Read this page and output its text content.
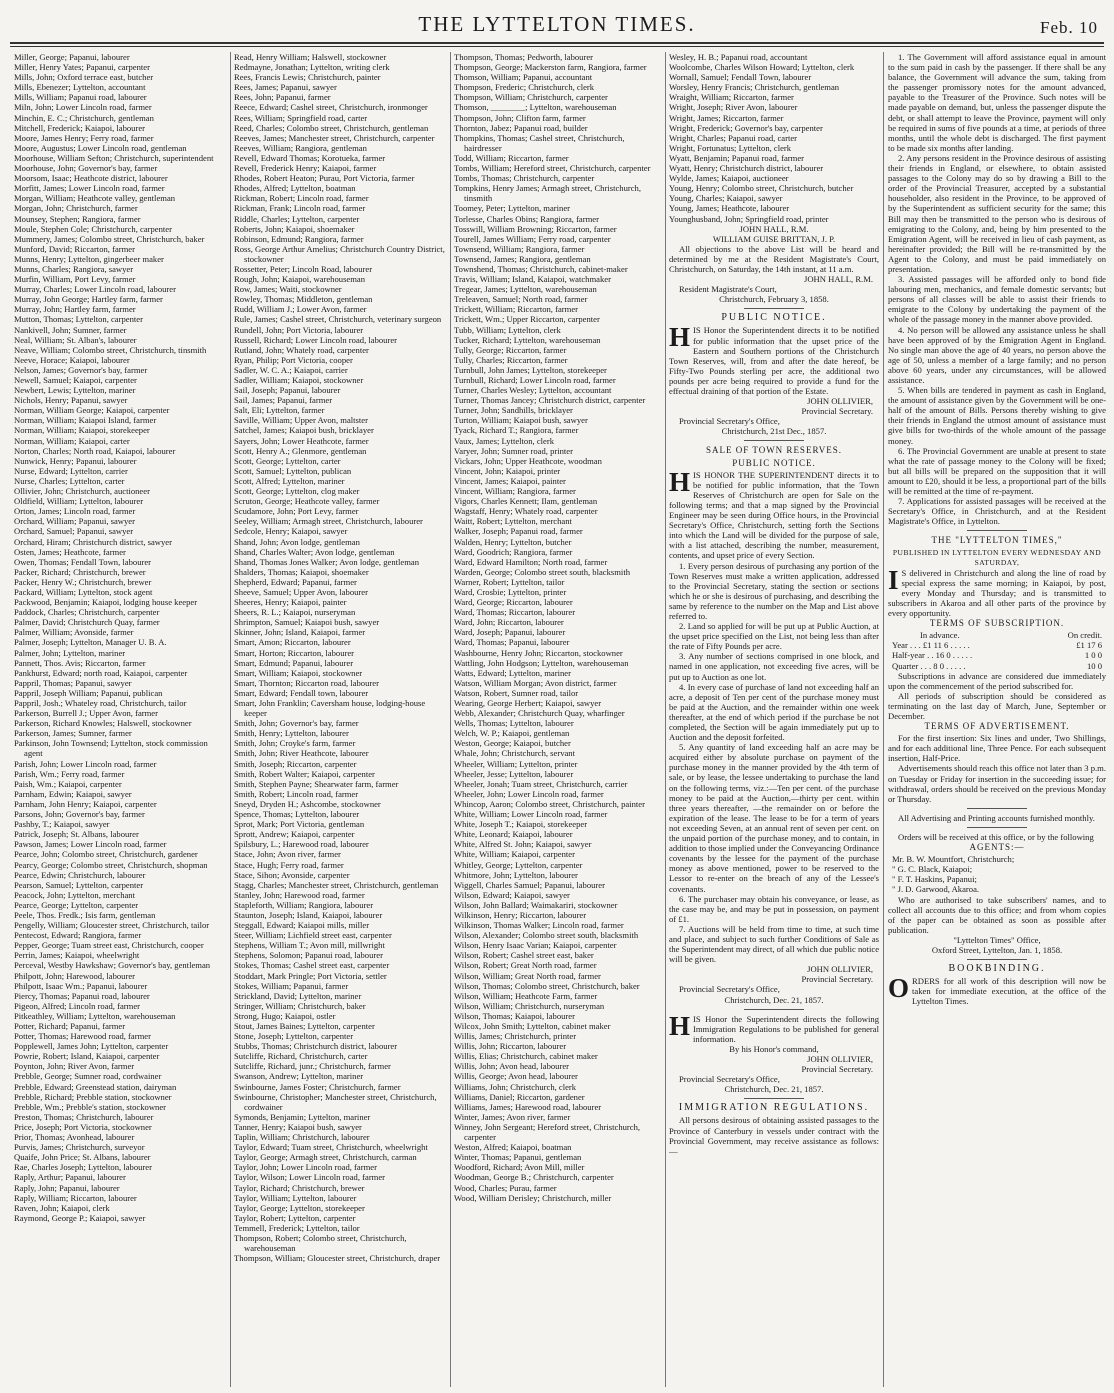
THE LYTTELTON TIMES.	Feb. 10
Miller, George; Papanui, labourer
Miller, Henry Yates; Papanui, carpenter
Mills, John; Oxford terrace east, butcher
Mills, Ebenezer; Lyttelton, accountant
Mills, William; Papanui road, labourer
Miln, John; Lower Lincoln road, farmer
Minchin, E. C.; Christchurch, gentleman
Mitchell, Frederick; Kaiapoi, labourer
Moore, James Henry; Ferry road, farmer
Moore, Augustus; Lower Lincoln road, gentleman
Moorhouse, William Sefton; Christchurch, superintendent
Moorhouse, John; Governor's bay, farmer
Moorsom, Isaac; Heathcote district, labourer
Morfitt, James; Lower Lincoln road, farmer
Morgan, William; Heathcote valley, gentleman
Morgan, John; Christchurch, farmer
Mounsey, Stephen; Rangiora, farmer
Moule, Stephen Cole; Christchurch, carpenter
Mummery, James; Colombo street, Christchurch, baker
Munford, David; Riccarton, farmer
Munns, Henry; Lyttelton, gingerbeer maker
Munns, Charles; Rangiora, sawyer
Murfin, William, Port Levy, farmer
Murray, Charles; Lower Lincoln road, labourer
Murray, John George; Hartley farm, farmer
Murray, John; Hartley farm, farmer
Mutton, Thomas; Lyttelton, carpenter
Nankivell, John; Sumner, farmer
Neal, William; St. Alban's, labourer
Neave, William; Colombo street, Christchurch, tinsmith
Neeve, Horace; Kaiapoi, labourer
Nelson, James; Governor's bay, farmer
Newell, Samuel; Kaiapoi, carpenter
Newbert, Lewis; Lyttelton, mariner
Nichols, Henry; Papanui, sawyer
Norman, William George; Kaiapoi, carpenter
Norman, William; Kaiapoi Island, farmer
Norman, William; Kaiapoi, storekeeper
Norman, William; Kaiapoi, carter
Norton, Charles; North road, Kaiapoi, labourer
Nunwick, Henry; Papanui, labourer
Nurse, Edward; Lyttelton, carrier
Nurse, Charles; Lyttelton, carter
Ollivier, John; Christchurch, auctioneer
Oldfield, William; Lyttelton, labourer
Orton, James; Lincoln road, farmer
Orchard, William; Papanui, sawyer
Orchard, Samuel; Papanui, sawyer
Orchard, Hiram; Christchurch district, sawyer
Osten, James; Heathcote, farmer
Owen, Thomas; Fendall Town, labourer
Packer, Richard; Christchurch, brewer
Packer, Henry W.; Christchurch, brewer
Packard, William; Lyttelton, stock agent
Packwood, Benjamin; Kaiapoi, lodging house keeper
Paddock, Charles; Christchurch, carpenter
Palmer, David; Christchurch Quay, farmer
Palmer, William; Avonside, farmer
Palmer, Joseph; Lyttelton, Manager U. B. A.
Palmer, John; Lyttelton, mariner
Pannett, Thos. Avis; Riccarton, farmer
Pankhurst, Edward; north road, Kaiapoi, carpenter
Pappril, Thomas; Papanui, sawyer
Pappril, Joseph William; Papanui, publican
Pappril, Josh.; Whateley road, Christchurch, tailor
Parkerson, Burrell J.; Upper Avon, farmer
Parkerson, Richard Knowles; Halswell, stockowner
Parkerson, James; Sumner, farmer
Parkinson, John Townsend; Lyttelton, stock commission agent
Parish, John; Lower Lincoln road, farmer
Parish, Wm.; Ferry road, farmer
Paish, Wm.; Kaiapoi, carpenter
Parnham, Edwin; Kaiapoi, sawyer
Parnham, John Henry; Kaiapoi, carpenter
Parsons, John; Governor's bay, farmer
Pashby, T.; Kaiapoi, sawyer
Patrick, Joseph; St. Albans, labourer
Pawson, James; Lower Lincoln road, farmer
Pearce, John; Colombo street, Christchurch, gardener
Pearcy, George; Colombo street, Christchurch, shopman
Pearce, Edwin; Christchurch, labourer
Pearson, Samuel; Lyttelton, carpenter
Peacock, John; Lyttelton, merchant
Pearce, George; Lyttelton, carpenter
Peele, Thos. Fredk.; Isis farm, gentleman
Pengelly, William; Gloucester street, Christchurch, tailor
Pentecost, Edward; Rangiora, farmer
Pepper, George; Tuam street east, Christchurch, cooper
Perrin, James; Kaiapoi, wheelwright
Perceval, Westby Hawkshaw; Governor's bay, gentleman
Philpott, John; Harewood, labourer
Philpott, Isaac Wm.; Papanui, labourer
Piercy, Thomas; Papanui road, labourer
Pigeon, Alfred; Lincoln road, farmer
Pitkeathley, William; Lyttelton, warehouseman
Potter, Richard; Papanui, farmer
Potter, Thomas; Harewood road, farmer
Popplewell, James John; Lyttelton, carpenter
Powrie, Robert; Island, Kaiapoi, carpenter
Poynton, John; River Avon, farmer
Prebble, George; Sumner road, cordwainer
Prebble, Edward; Greenstead station, dairyman
Prebble, Richard; Prebble station, stockowner
Prebble, Wm.; Prebble's station, stockowner
Preston, Thomas; Christchurch, labourer
Price, Joseph; Port Victoria, stockowner
Prior, Thomas; Avonhead, labourer
Purvis, James; Christchurch, surveyor
Quaife, John Price; St. Albans, labourer
Rae, Charles Joseph; Lyttelton, labourer
Raply, Arthur; Papanui, labourer
Raply, John; Papanui, labourer
Raply, William; Riccarton, labourer
Raven, John; Kaiapoi, clerk
Raymond, George P.; Kaiapoi, sawyer
Read, Henry William; Halswell, stockowner
Redmayne, Jonathan; Lyttelton, writing clerk
Rees, Francis Lewis; Christchurch, painter
Rees, James; Papanui, sawyer
Rees, John; Papanui, farmer
Reece, Edward; Cashel street, Christchurch, ironmonger
Rees, William; Springfield road, carter
Reed, Charles; Colombo street, Christchurch, gentleman
Reeves, James; Manchester street, Christchurch, carpenter
Reeves, William; Rangiora, gentleman
Revell, Edward Thomas; Korotueka, farmer
Revell, Frederick Henry; Kaiapoi, farmer
Rhodes, Robert Heaton; Purau, Port Victoria, farmer
Rhodes, Alfred; Lyttelton, boatman
Rickman, Robert; Lincoln road, farmer
Rickman, Frank; Lincoln road, farmer
Riddle, Charles; Lyttelton, carpenter
Roberts, John; Kaiapoi, shoemaker
Robinson, Edmund; Rangiora, farmer
Ross, George Arthur Amelius; Christchurch Country District, stockowner
Rossetter, Peter; Lincoln Road, labourer
Rough, John; Kaiapoi, warehouseman
Row, James; Waiti, stockowner
Rowley, Thomas; Middleton, gentleman
Rudd, William J.; Lower Avon, farmer
Rule, James; Cashel street, Christchurch, veterinary surgeon
Rundell, John; Port Victoria, labourer
Russell, Richard; Lower Lincoln road, labourer
Rutland, John; Whately road, carpenter
Ryan, Philip; Port Victoria, cooper
Sadler, W. C. A.; Kaiapoi, carrier
Sadler, William; Kaiapoi, stockowner
Sail, Joseph; Papanui, labourer
Sail, James; Papanui, farmer
Salt, Eli; Lyttelton, farmer
Saville, William; Upper Avon, maltster
Satchel, James; Kaiapoi bush, bricklayer
Sayers, John; Lower Heathcote, farmer
Scott, Henry A.; Glenmore, gentleman
Scott, George; Lyttelton, carter
Scott, Samuel; Lyttelton, publican
Scott, Alfred; Lyttelton, mariner
Scott, George; Lyttelton, clog maker
Scruton, George; Heathcote valley, farmer
Scudamore, John; Port Levy, farmer
Seeley, William; Armagh street, Christchurch, labourer
Sedcole, Henry; Kaiapoi, sawyer
Shand, John; Avon lodge, gentleman
Shand, Charles Walter; Avon lodge, gentleman
Shand, Thomas Jones Walker; Avon lodge, gentleman
Shalders, Thomas; Kaiapoi, shoemaker
Shepherd, Edward; Papanui, farmer
Sheeve, Samuel; Upper Avon, labourer
Sheeres, Henry; Kaiapoi, painter
Sheers, R. L.; Kaiapoi, nurseryman
Shrimpton, Samuel; Kaiapoi bush, sawyer
Skinner, John; Island, Kaiapoi, farmer
Smart, Amon; Riccarton, labourer
Smart, Horton; Riccarton, labourer
Smart, Edmund; Papanui, labourer
Smart, William; Kaiapoi, stockowner
Smart, Thornton; Riccarton road, labourer
Smart, Edward; Fendall town, labourer
Smart, John Franklin; Caversham house, lodging-house keeper
Smith, John; Governor's bay, farmer
Smith, Henry; Lyttelton, labourer
Smith, John; Croyke's farm, farmer
Smith, John; River Heathcote, labourer
Smith, Joseph; Riccarton, carpenter
Smith, Robert Walter; Kaiapoi, carpenter
Smith, Stephen Payne; Shearwater farm, farmer
Smith, Robert; Lincoln road, farmer
Sneyd, Dryden H.; Ashcombe, stockowner
Spence, Thomas; Lyttelton, labourer
Sprot, Mark; Port Victoria, gentleman
Sprott, Andrew; Kaiapoi, carpenter
Spilsbury, L.; Harewood road, labourer
Stace, John; Avon river, farmer
Stace, Hugh; Ferry road, farmer
Stace, Sihon; Avonside, carpenter
Stagg, Charles; Manchester street, Christchurch, gentleman
Stanley, John; Harewood road, farmer
Stapleforth, William; Rangiora, labourer
Staunton, Joseph; Island, Kaiapoi, labourer
Steggall, Edward; Kaiapoi mills, miller
Steer, William; Lichfield street east, carpenter
Stephens, William T.; Avon mill, millwright
Stephens, Solomon; Papanui road, labourer
Stokes, Thomas; Cashel street east, carpenter
Stoddart, Mark Pringle; Port Victoria, settler
Stokes, William; Papanui, farmer
Strickland, David; Lyttelton, mariner
Stringer, William; Christchurch, baker
Strong, Hugo; Kaiapoi, ostler
Stout, James Baines; Lyttelton, carpenter
Stone, Joseph; Lyttelton, carpenter
Stubbs, Thomas; Christchurch district, labourer
Sutcliffe, Richard, Christchurch, carter
Sutcliffe, Richard, junr.; Christchurch, farmer
Swanson, Andrew; Lyttelton, mariner
Swinbourne, James Foster; Christchurch, farmer
Swinbourne, Christopher; Manchester street, Christchurch, cordwainer
Symonds, Benjamin; Lyttelton, mariner
Tanner, Henry; Kaiapoi bush, sawyer
Taplin, William; Christchurch, labourer
Taylor, Edward; Tuam street, Christchurch, wheelwright
Taylor, George; Armagh street, Christchurch, carman
Taylor, John; Lower Lincoln road, farmer
Taylor, Wilson; Lower Lincoln road, farmer
Taylor, Richard; Christchurch, brewer
Taylor, William; Lyttelton, labourer
Taylor, George; Lyttelton, storekeeper
Taylor, Robert; Lyttelton, carpenter
Temmell, Frederick; Lyttelton, tailor
Thompson, Robert; Colombo street, Christchurch, warehouseman
Thompson, William; Gloucester street, Christchurch, draper
Thompson, Thomas; Pedworth, labourer
Thompson, George; Mackerston farm, Rangiora, farmer
Thomson, William; Papanui, accountant
Thompson, Frederic; Christchurch, clerk
Thompson, William; Christchurch, carpenter
Thomson, ________; Lyttelton, warehouseman
Thompson, John; Clifton farm, farmer
Thornton, Jabez; Papanui road, builder
Thompkins, Thomas; Cashel street, Christchurch, hairdresser
Todd, William; Riccarton, farmer
Tombs, William; Hereford street, Christchurch, carpenter
Tombs, Thomas; Christchurch, carpenter
Tompkins, Henry James; Armagh street, Christchurch, tinsmith
Toomey, Peter; Lyttelton, mariner
Torlesse, Charles Obins; Rangiora, farmer
Tosswill, William Browning; Riccarton, farmer
Tourell, James William; Ferry road, carpenter
Townsend, William; Rangiora, farmer
Townsend, James; Rangiora, gentleman
Townshend, Thomas; Christchurch, cabinet-maker
Travis, William; Island, Kaiapoi, watchmaker
Tregear, James; Lyttelton, warehouseman
Treleaven, Samuel; North road, farmer
Trickett, William; Riccarton, farmer
Trickett, Wm.; Upper Riccarton, carpenter
Tubb, William; Lyttelton, clerk
Tucker, Richard; Lyttelton, warehouseman
Tully, George; Riccarton, farmer
Tully, Charles; Riccarton, farmer
Turnbull, John James; Lyttelton, storekeeper
Turnbull, Richard; Lower Lincoln road, farmer
Turner, Charles Wesley; Lyttelton, accountant
Turner, Thomas Jancey; Christchurch district, carpenter
Turner, John; Sandhills, bricklayer
Turton, William; Kaiapoi bush, sawyer
Tyack, Richard T.; Rangiora, farmer
Vaux, James; Lyttelton, clerk
Varyer, John; Sumner road, printer
Vickars, John; Upper Heathcote, woodman
Vincent, John; Kaiapoi, printer
Vincent, James; Kaiapoi, painter
Vincent, William; Rangiora, farmer
Vigors, Charles Kennett; Ilam, gentleman
Wagstaff, Henry; Whately road, carpenter
Waitt, Robert; Lyttelton, merchant
Walker, Joseph; Papanui road, farmer
Walden, Henry; Lyttelton, butcher
Ward, Goodrich; Rangiora, farmer
Ward, Edward Hamilton; North road, farmer
Warden, George; Colombo street south, blacksmith
Warner, Robert; Lyttelton, tailor
Ward, Crosbie; Lyttelton, printer
Ward, George; Riccarton, labourer
Ward, Thomas; Riccarton, labourer
Ward, John; Riccarton, labourer
Ward, Joseph; Papanui, labourer
Ward, Thomas; Papanui, labourer
Washbourne, Henry John; Riccarton, stockowner
Wattling, John Hodgson; Lyttelton, warehouseman
Watts, Edward; Lyttelton, mariner
Watson, William Morgan; Avon district, farmer
Watson, Robert, Sumner road, tailor
Wearing, George Herbert; Kaiapoi, sawyer
Webb, Alexander; Christchurch Quay, wharfinger
Wells, Thomas; Lyttelton, labourer
Welch, W. P.; Kaiapoi, gentleman
Weston, George; Kaiapoi, butcher
Whale, John; Christchurch, servant
Wheeler, William; Lyttelton, printer
Wheeler, Jesse; Lyttelton, labourer
Wheeler, Jonah; Tuam street, Christchurch, carrier
Wheeler, John; Lower Lincoln road, farmer
Whincop, Aaron; Colombo street, Christchurch, painter
White, William; Lower Lincoln road, farmer
White, Joseph T.; Kaiapoi, storekeeper
White, Leonard; Kaiapoi, labourer
White, Alfred St. John; Kaiapoi, sawyer
White, William; Kaiapoi, carpenter
Whitley, George; Lyttelton, carpenter
Whitmore, John; Lyttelton, labourer
Wiggell, Charles Samuel; Papanui, labourer
Wilson, Edward; Kaiapoi, sawyer
Wilson, John Ballard; Waimakariri, stockowner
Wilkinson, Henry; Riccarton, labourer
Wilkinson, Thomas Walker; Lincoln road, farmer
Wilson, Alexander; Colombo street south, blacksmith
Wilson, Henry Isaac Varian; Kaiapoi, carpenter
Wilson, Robert; Cashel street east, baker
Wilson, Robert; Great North road, farmer
Wilson, William; Great North road, farmer
Wilson, Thomas; Colombo street, Christchurch, baker
Wilson, William; Heathcote Farm, farmer
Wilson, William; Christchurch, nurseryman
Wilson, Thomas; Kaiapoi, labourer
Wilcox, John Smith; Lyttelton, cabinet maker
Willis, James; Christchurch, printer
Willis, John; Riccarton, labourer
Willis, Elias; Christchurch, cabinet maker
Willis, John; Avon head, labourer
Willis, George; Avon head, labourer
Williams, John; Christchurch, clerk
Williams, Daniel; Riccarton, gardener
Williams, James; Harewood road, labourer
Winter, James; Avon river, farmer
Winney, John Sergeant; Hereford street, Christchurch, carpenter
Weston, Alfred; Kaiapoi, boatman
Winter, Thomas; Papanui, gentleman
Woodford, Richard; Avon Mill, miller
Woodman, George B.; Christchurch, carpenter
Wood, Charles; Purau, farmer
Wood, William Derisley; Christchurch, miller
Wesley, H. B.; Papanui road, accountant
Woolcombe, Charles Wilson Howard; Lyttelton, clerk
Wornall, Samuel; Fendall Town, labourer
Worsley, Henry Francis; Christchurch, gentleman
Wraight, William; Riccarton, farmer
Wright, Joseph; River Avon, labourer
Wright, James; Riccarton, farmer
Wright, Frederick; Governor's bay, carpenter
Wright, Charles; Papanui road, carter
Wright, Fortunatus; Lyttelton, clerk
Wyatt, Benjamin; Papanui road, farmer
Wyatt, Henry; Christchurch district, labourer
Wylde, James; Kaiapoi, auctioneer
Young, Henry; Colombo street, Christchurch, butcher
Young, Charles; Kaiapoi, sawyer
Young, James; Heathcote, labourer
Younghusband, John; Springfield road, printer
JOHN HALL, R.M.
WILLIAM GUISE BRITTAN, J. P.
All objections to the above List will be heard and determined by me at the Resident Magistrate's Court, Christchurch, on Saturday, the 14th instant, at 11 a.m.
JOHN HALL, R.M.
Resident Magistrate's Court,
Christchurch, February 3, 1858.
PUBLIC NOTICE.
HIS Honor the Superintendent directs it to be notified for public information that the upset price of the Eastern and Southern portions of the Christchurch Town Reserves, will, from and after the date hereof, be Fifty-Two Pounds sterling per acre, the additional two pounds per acre being required to provide a fund for the effectual draining of that portion of the Estate.
JOHN OLLIVIER,
Provincial Secretary.
Provincial Secretary's Office,
Christchurch, 21st Dec., 1857.
SALE OF TOWN RESERVES.
PUBLIC NOTICE.
HIS HONOR THE SUPERINTENDENT directs it to be notified for public information, that the Town Reserves of Christchurch are open for Sale on the following terms; and that a map signed by the Provincial Engineer may be seen during Office hours, in the Provincial Secretary's Office, Christchurch, setting forth the Sections into which the Land will be divided for the purpose of sale, with a list attached, describing the number, measurement, contents, and upset price of every Section.
1. Every person desirous of purchasing any portion of the Town Reserves must make a written application, addressed to the Provincial Secretary, stating the section or sections which he or she is desirous of purchasing, and describing the same by reference to the number on the Map and List above referred to.
2. Land so applied for will be put up at Public Auction, at the upset price specified on the List, not being less than after the rate of Fifty Pounds per acre.
3. Any number of sections comprised in one block, and named in one application, not exceeding five acres, will be put up to Auction as one lot.
4. In every case of purchase of land not exceeding half an acre, a deposit of Ten per cent of the purchase money must be paid at the Auction, and the remainder within one week thereafter, at the end of which period if the purchase be not completed, the Section will be again immediately put up to Auction and the deposit forfeited.
5. Any quantity of land exceeding half an acre may be acquired either by absolute purchase on payment of the purchase money in the manner provided by the 4th term of sale, or by lease, the lessee undertaking to purchase the land on the following terms, viz.:—Ten per cent. of the purchase money to be paid at the Auction,—thirty per cent. within three years thereafter, —the remainder on or before the expiration of the lease. The lease to be for a term of years not exceeding Seven, at an annual rent of seven per cent. on the unpaid portion of the purchase money, and to contain, in addition to those implied under the Conveyancing Ordinance covenants by the lessee for the payment of the purchase money as above mentioned, power to be reserved to the Lessor to re-enter on the breach of any of the Lessee's covenants.
6. The purchaser may obtain his conveyance, or lease, as the case may be, and may be put in possession, on payment of £1.
7. Auctions will be held from time to time, at such time and place, and subject to such further Conditions of Sale as the Superintendent may direct, of all which due public notice will be given.
JOHN OLLIVIER,
Provincial Secretary.
Provincial Secretary's Office,
Christchurch, Dec. 21, 1857.
HIS Honor the Superintendent directs the following Immigration Regulations to be published for general information.
By his Honor's command,
JOHN OLLIVIER,
Provincial Secretary.
Provincial Secretary's Office,
Christchurch, Dec. 21, 1857.
IMMIGRATION REGULATIONS.
All persons desirous of obtaining assisted passages to the Province of Canterbury in vessels under contract with the Provincial Government, may receive assistance as follows:—
1. The Government will afford assistance equal in amount to the sum paid in cash by the passenger. If there shall be any balance, the Government will advance the sum, taking from the passenger promissory notes for the amount advanced, payable to the Treasurer of the Province. Such notes will be made payable on demand, but, unless the passenger dispute the debt, or shall attempt to leave the Province, payment will only be required in sums of five pounds at a time, at periods of three months, until the whole debt is discharged. The first payment to be made six months after landing.
2. Any persons resident in the Province desirous of assisting their friends in England, or elsewhere, to obtain assisted passages to the Colony may do so by drawing a Bill to the order of the Provincial Treasurer, accepted by a substantial householder, also resident in the Province, to be approved of by the Superintendent as sufficient security for the same; this Bill may then be transmitted to the person who is desirous of emigrating to the Colony, and, being by him presented to the Emigration Agent, will be received in lieu of cash payment, as hereinafter provided; the Bill will be re-transmitted by the Agent to the Colony, and must be paid immediately on presentation.
3. Assisted passages will be afforded only to bond fide labouring men, mechanics, and female domestic servants; but persons of all classes will be able to assist their friends to emigrate to the Colony by undertaking the payment of the whole of the passage money in the manner above provided.
4. No person will be allowed any assistance unless he shall have been approved of by the Emigration Agent in England. No single man above the age of 40 years, no person above the age of 50, unless a member of a large family; and no person above 60 years, under any circumstances, will be allowed assistance.
5. When bills are tendered in payment as cash in England, the amount of assistance given by the Government will be one-half of the amount of Bills. Persons thereby wishing to give their friends in England the utmost amount of assistance must give bills for two-thirds of the whole amount of the passage money.
6. The Provincial Government are unable at present to state what the rate of passage money to the Colony will be fixed; but all bills will be prepared on the supposition that it will amount to £20, should it be less, a proportional part of the bills will be remitted at the time of re-payment.
7. Applications for assisted passages will be received at the Secretary's Office, in Christchurch, and at the Resident Magistrate's Office, in Lyttelton.
THE "LYTTELTON TIMES,"
PUBLISHED IN LYTTELTON EVERY WEDNESDAY AND SATURDAY,
I S delivered in Christchurch and along the line of road by special express the same morning; in Kaiapoi, by post, every Monday and Thursday; and is transmitted to subscribers in Akaroa and all other parts of the province by every opportunity.
TERMS OF SUBSCRIPTION.
In advance.	On credit.
Year . . . £1 11 6 . . . . .	£1 17 6
Half-year . . 16 0 . . . . .	1 0 0
Quarter . . . 8 0 . . . . .	10 0
Subscriptions in advance are considered due immediately upon the commencement of the period subscribed for.
All periods of subscription should be considered as terminating on the last day of March, June, September or December.
TERMS OF ADVERTISEMENT.
For the first insertion: Six lines and under, Two Shillings, and for each additional line, Three Pence. For each subsequent insertion, Half-Price.
Advertisements should reach this office not later than 3 p.m. on Tuesday or Friday for insertion in the succeeding issue; for withdrawal, orders should be received on the previous Monday or Thursday.
All Advertising and Printing accounts furnished monthly.
Orders will be received at this office, or by the following
AGENTS:—
Mr. B. W. Mountfort, Christchurch;
" G. C. Black, Kaiapoi;
" F. T. Haskins, Papanui;
" J. D. Garwood, Akaroa.
Who are authorised to take subscribers' names, and to collect all accounts due to this office; and from whom copies of the paper can be obtained as soon as possible after publication.
"Lyttelton Times" Office,
Oxford Street, Lyttelton, Jan. 1, 1858.
BOOKBINDING.
ORDERS for all work of this description will now be taken for immediate execution, at the office of the Lyttelton Times.
